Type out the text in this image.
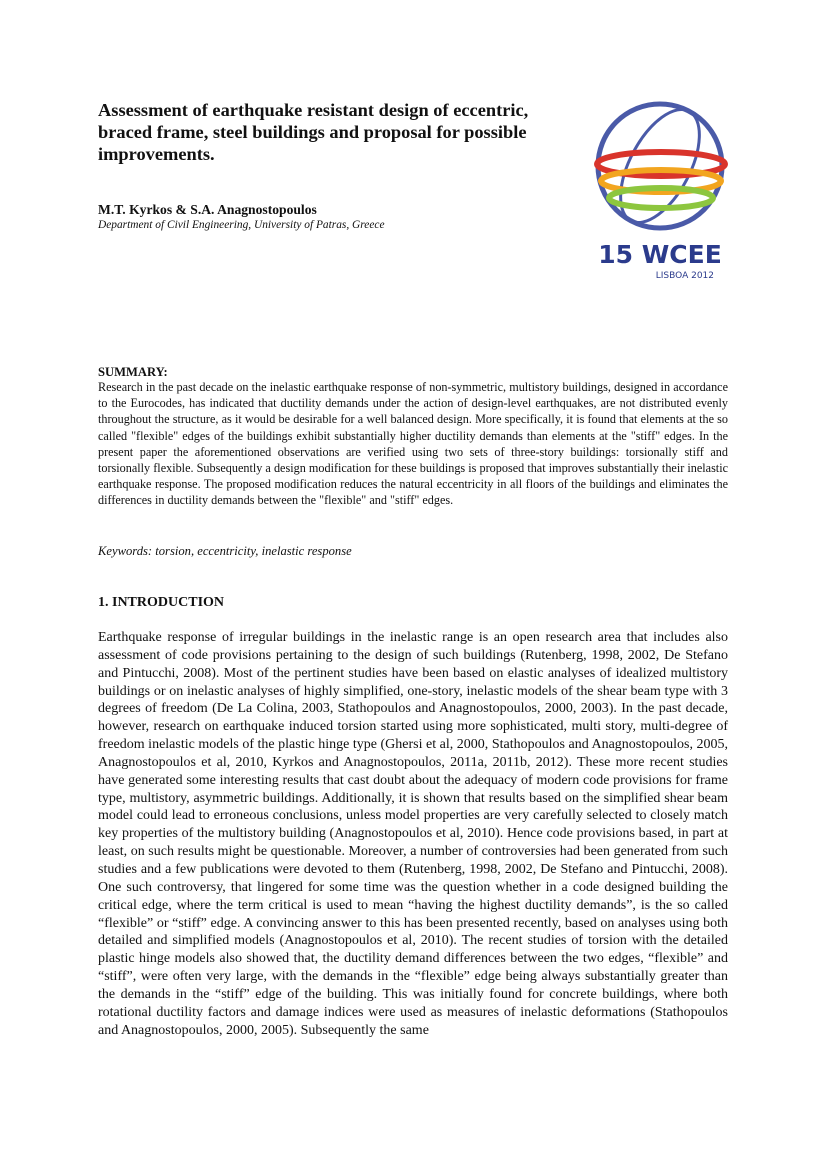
Assessment of earthquake resistant design of eccentric, braced frame, steel buildings and proposal for possible improvements.

M.T. Kyrkos & S.A. Anagnostopoulos

Department of Civil Engineering, University of Patras, Greece

15 WCEE
LISBOA 2012

SUMMARY:

Research in the past decade on the inelastic earthquake response of non-symmetric, multistory buildings, designed in accordance to the Eurocodes, has indicated that ductility demands under the action of design-level earthquakes, are not distributed evenly throughout the structure, as it would be desirable for a well balanced design. More specifically, it is found that elements at the so called "flexible" edges of the buildings exhibit substantially higher ductility demands than elements at the "stiff" edges. In the present paper the aforementioned observations are verified using two sets of three-story buildings: torsionally stiff and torsionally flexible. Subsequently a design modification for these buildings is proposed that improves substantially their inelastic earthquake response. The proposed modification reduces the natural eccentricity in all floors of the buildings and eliminates the differences in ductility demands between the "flexible" and "stiff" edges.

Keywords: torsion, eccentricity, inelastic response

1. INTRODUCTION

Earthquake response of irregular buildings in the inelastic range is an open research area that includes also assessment of code provisions pertaining to the design of such buildings (Rutenberg, 1998, 2002, De Stefano and Pintucchi, 2008). Most of the pertinent studies have been based on elastic analyses of idealized multistory buildings or on inelastic analyses of highly simplified, one-story, inelastic models of the shear beam type with 3 degrees of freedom (De La Colina, 2003, Stathopoulos and Anagnostopoulos, 2000, 2003). In the past decade, however, research on earthquake induced torsion started using more sophisticated, multi story, multi-degree of freedom inelastic models of the plastic hinge type (Ghersi et al, 2000, Stathopoulos and Anagnostopoulos, 2005, Anagnostopoulos et al, 2010, Kyrkos and Anagnostopoulos, 2011a, 2011b, 2012). These more recent studies have generated some interesting results that cast doubt about the adequacy of modern code provisions for frame type, multistory, asymmetric buildings. Additionally, it is shown that results based on the simplified shear beam model could lead to erroneous conclusions, unless model properties are very carefully selected to closely match key properties of the multistory building (Anagnostopoulos et al, 2010). Hence code provisions based, in part at least, on such results might be questionable. Moreover, a number of controversies had been generated from such studies and a few publications were devoted to them (Rutenberg, 1998, 2002, De Stefano and Pintucchi, 2008). One such controversy, that lingered for some time was the question whether in a code designed building the critical edge, where the term critical is used to mean “having the highest ductility demands”, is the so called “flexible” or “stiff” edge. A convincing answer to this has been presented recently, based on analyses using both detailed and simplified models (Anagnostopoulos et al, 2010). The recent studies of torsion with the detailed plastic hinge models also showed that, the ductility demand differences between the two edges, “flexible” and “stiff”, were often very large, with the demands in the “flexible” edge being always substantially greater than the demands in the “stiff” edge of the building. This was initially found for concrete buildings, where both rotational ductility factors and damage indices were used as measures of inelastic deformations (Stathopoulos and Anagnostopoulos, 2000, 2005). Subsequently the same
